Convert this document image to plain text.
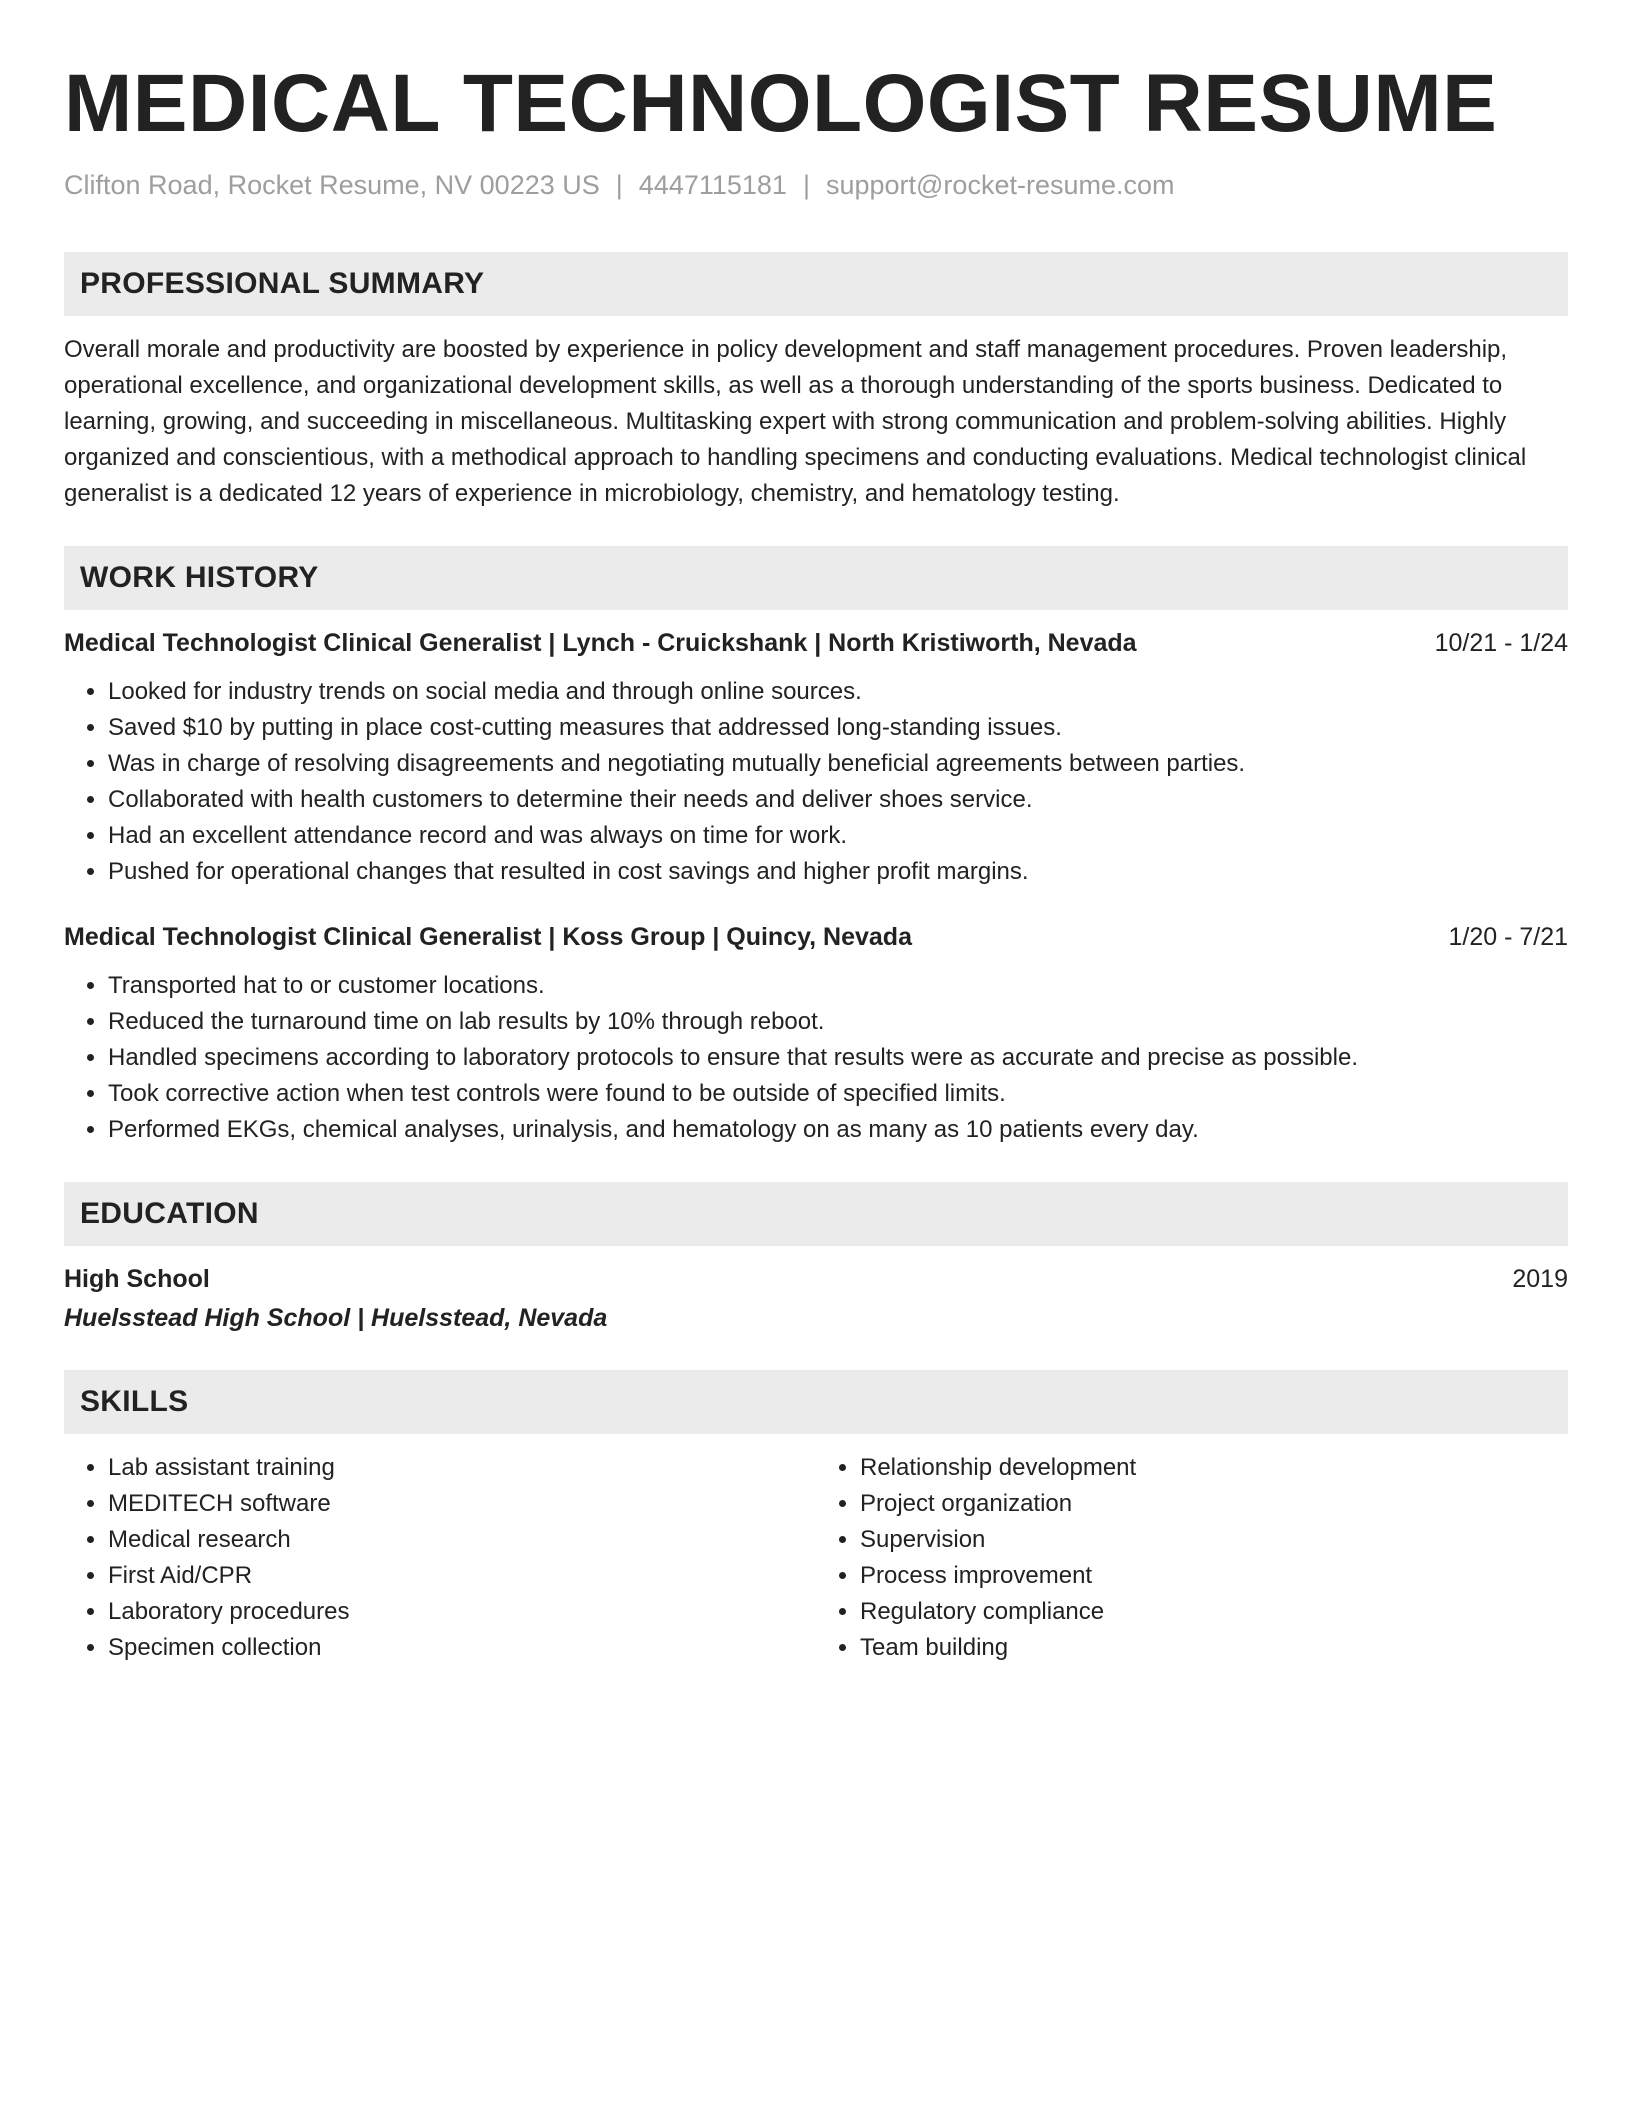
MEDICAL TECHNOLOGIST RESUME
Clifton Road, Rocket Resume, NV 00223 US | 4447115181 | support@rocket-resume.com
PROFESSIONAL SUMMARY

Overall morale and productivity are boosted by experience in policy development and staff management procedures. Proven leadership, operational excellence, and organizational development skills, as well as a thorough understanding of the sports business. Dedicated to learning, growing, and succeeding in miscellaneous. Multitasking expert with strong communication and problem-solving abilities. Highly organized and conscientious, with a methodical approach to handling specimens and conducting evaluations. Medical technologist clinical generalist is a dedicated 12 years of experience in microbiology, chemistry, and hematology testing.

WORK HISTORY
Medical Technologist Clinical Generalist | Lynch - Cruickshank | North Kristiworth, Nevada	10/21 - 1/24
• Looked for industry trends on social media and through online sources.
• Saved $10 by putting in place cost-cutting measures that addressed long-standing issues.
• Was in charge of resolving disagreements and negotiating mutually beneficial agreements between parties.
• Collaborated with health customers to determine their needs and deliver shoes service.
• Had an excellent attendance record and was always on time for work.
• Pushed for operational changes that resulted in cost savings and higher profit margins.
Medical Technologist Clinical Generalist | Koss Group | Quincy, Nevada	1/20 - 7/21
• Transported hat to or customer locations.
• Reduced the turnaround time on lab results by 10% through reboot.
• Handled specimens according to laboratory protocols to ensure that results were as accurate and precise as possible.
• Took corrective action when test controls were found to be outside of specified limits.
• Performed EKGs, chemical analyses, urinalysis, and hematology on as many as 10 patients every day.
EDUCATION
High School	2019
Huelsstead High School | Huelsstead, Nevada
SKILLS
• Lab assistant training
• MEDITECH software
• Medical research
• First Aid/CPR
• Laboratory procedures
• Specimen collection
• Relationship development
• Project organization
• Supervision
• Process improvement
• Regulatory compliance
• Team building
